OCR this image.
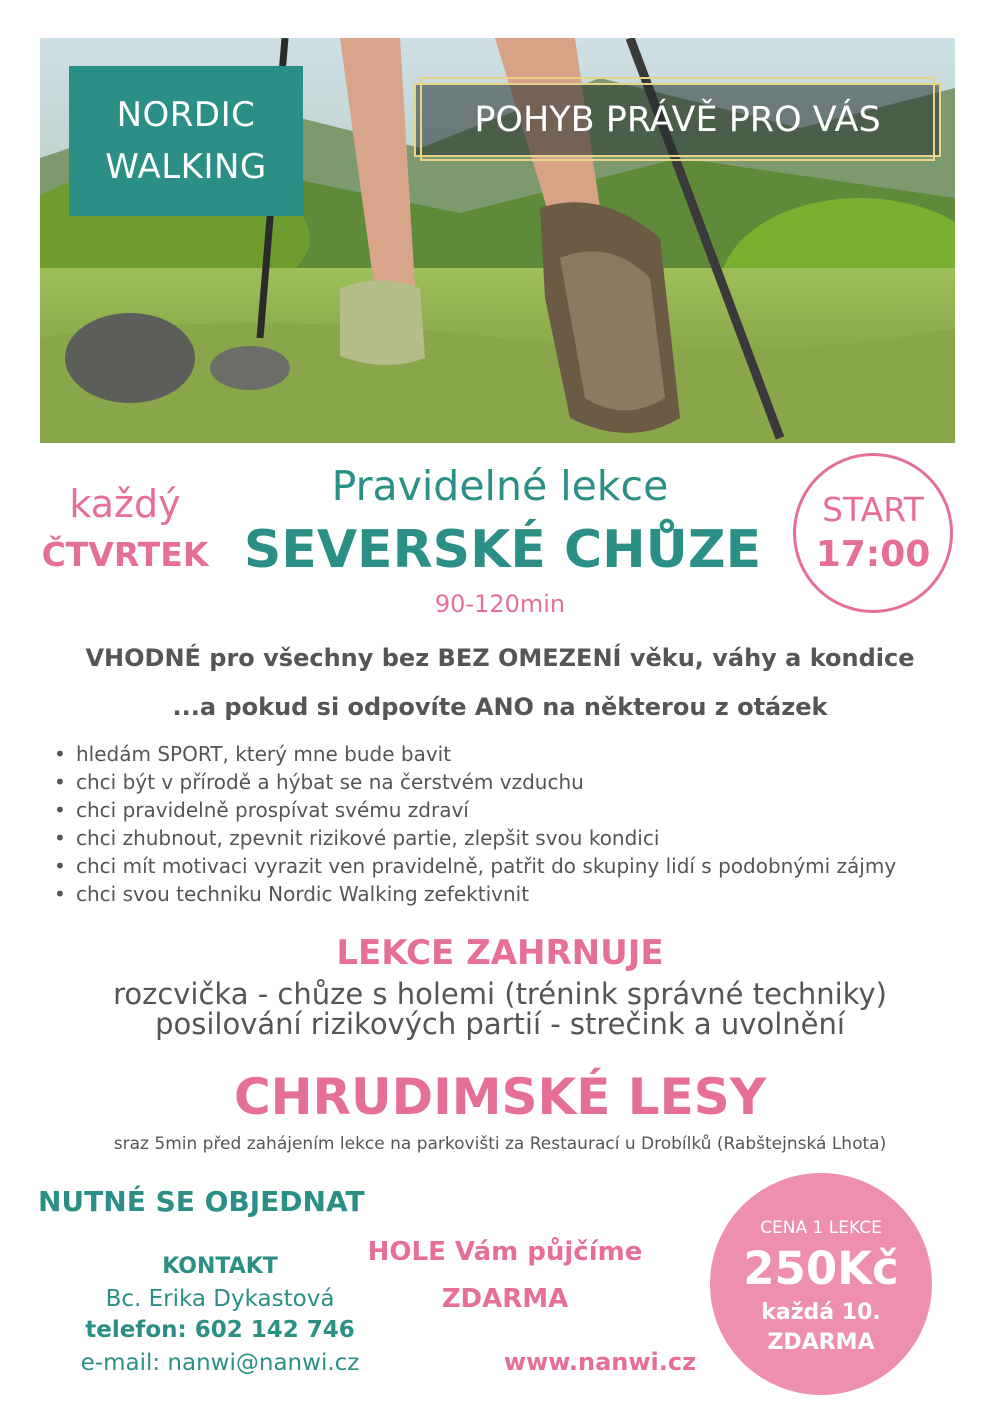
NORDIC
WALKING
POHYB PRÁVĚ PRO VÁS
každý
ČTVRTEK
Pravidelné lekce
SEVERSKÉ CHŮZE
90-120min
START
17:00
VHODNÉ pro všechny bez BEZ OMEZENÍ věku, váhy a kondice
...a pokud si odpovíte ANO na některou z otázek
• hledám SPORT, který mne bude bavit
• chci být v přírodě a hýbat se na čerstvém vzduchu
• chci pravidelně prospívat svému zdraví
• chci zhubnout, zpevnit rizikové partie, zlepšit svou kondici
• chci mít motivaci vyrazit ven pravidelně, patřit do skupiny lidí s podobnými zájmy
• chci svou techniku Nordic Walking zefektivnit
LEKCE ZAHRNUJE
rozcvička - chůze s holemi (trénink správné techniky)
posilování rizikových partií - strečink a uvolnění
CHRUDIMSKÉ LESY
sraz 5min před zahájením lekce na parkovišti za Restaurací u Drobílků (Rabštejnská Lhota)
NUTNÉ SE OBJEDNAT
KONTAKT
Bc. Erika Dykastová
telefon: 602 142 746
e-mail: nanwi@nanwi.cz
HOLE Vám půjčíme
ZDARMA
www.nanwi.cz
CENA 1 LEKCE
250Kč
každá 10.
ZDARMA
